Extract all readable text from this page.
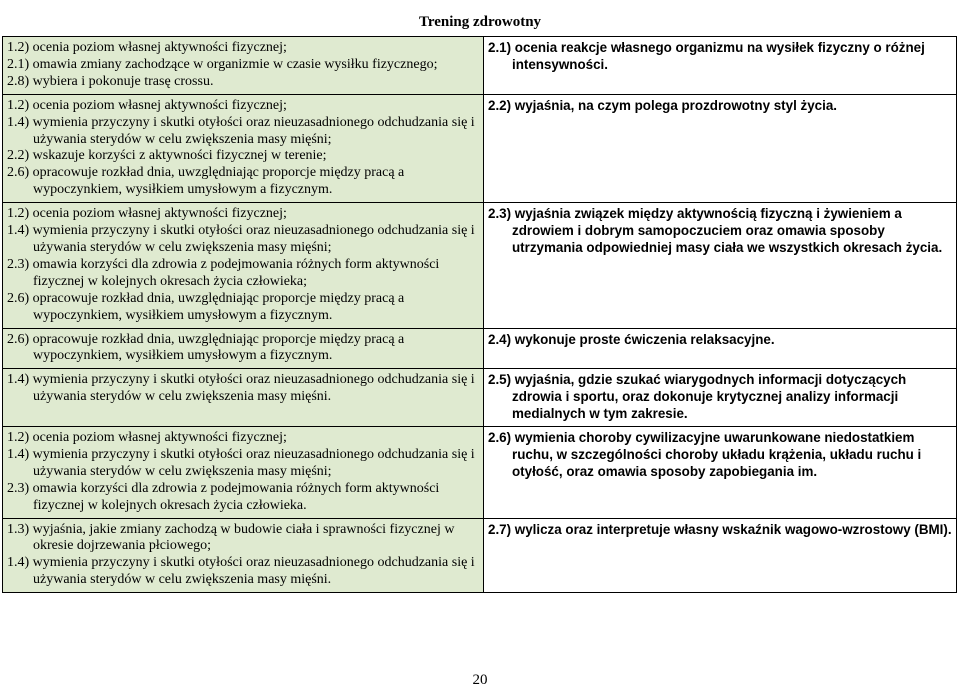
Trening zdrowotny
1.2) ocenia poziom własnej aktywności fizycznej;
2.1) omawia zmiany zachodzące w organizmie w czasie wysiłku fizycznego;
2.8) wybiera i pokonuje trasę crossu.	2.1) ocenia reakcje własnego organizmu na wysiłek fizyczny o różnej intensywności.

1.2) ocenia poziom własnej aktywności fizycznej;
1.4) wymienia przyczyny i skutki otyłości oraz nieuzasadnionego odchudzania się i używania sterydów w celu zwiększenia masy mięśni;
2.2) wskazuje korzyści z aktywności fizycznej w terenie;
2.6) opracowuje rozkład dnia, uwzględniając proporcje między pracą a wypoczynkiem, wysiłkiem umysłowym a fizycznym.	2.2) wyjaśnia, na czym polega prozdrowotny styl życia.

1.2) ocenia poziom własnej aktywności fizycznej;
1.4) wymienia przyczyny i skutki otyłości oraz nieuzasadnionego odchudzania się i używania sterydów w celu zwiększenia masy mięśni;
2.3) omawia korzyści dla zdrowia z podejmowania różnych form aktywności fizycznej w kolejnych okresach życia człowieka;
2.6) opracowuje rozkład dnia, uwzględniając proporcje między pracą a wypoczynkiem, wysiłkiem umysłowym a fizycznym.	2.3) wyjaśnia związek między aktywnością fizyczną i żywieniem a zdrowiem i dobrym samopoczuciem oraz omawia sposoby utrzymania odpowiedniej masy ciała we wszystkich okresach życia.

2.6) opracowuje rozkład dnia, uwzględniając proporcje między pracą a wypoczynkiem, wysiłkiem umysłowym a fizycznym.	2.4) wykonuje proste ćwiczenia relaksacyjne.

1.4) wymienia przyczyny i skutki otyłości oraz nieuzasadnionego odchudzania się i używania sterydów w celu zwiększenia masy mięśni.	2.5) wyjaśnia, gdzie szukać wiarygodnych informacji dotyczących zdrowia i sportu, oraz dokonuje krytycznej analizy informacji medialnych w tym zakresie.

1.2) ocenia poziom własnej aktywności fizycznej;
1.4) wymienia przyczyny i skutki otyłości oraz nieuzasadnionego odchudzania się i używania sterydów w celu zwiększenia masy mięśni;
2.3) omawia korzyści dla zdrowia z podejmowania różnych form aktywności fizycznej w kolejnych okresach życia człowieka.	2.6) wymienia choroby cywilizacyjne uwarunkowane niedostatkiem ruchu, w szczególności choroby układu krążenia, układu ruchu i otyłość, oraz omawia sposoby zapobiegania im.

1.3) wyjaśnia, jakie zmiany zachodzą w budowie ciała i sprawności fizycznej w okresie dojrzewania płciowego;
1.4) wymienia przyczyny i skutki otyłości oraz nieuzasadnionego odchudzania się i używania sterydów w celu zwiększenia masy mięśni.	2.7) wylicza oraz interpretuje własny wskaźnik wagowo-wzrostowy (BMI).
20
